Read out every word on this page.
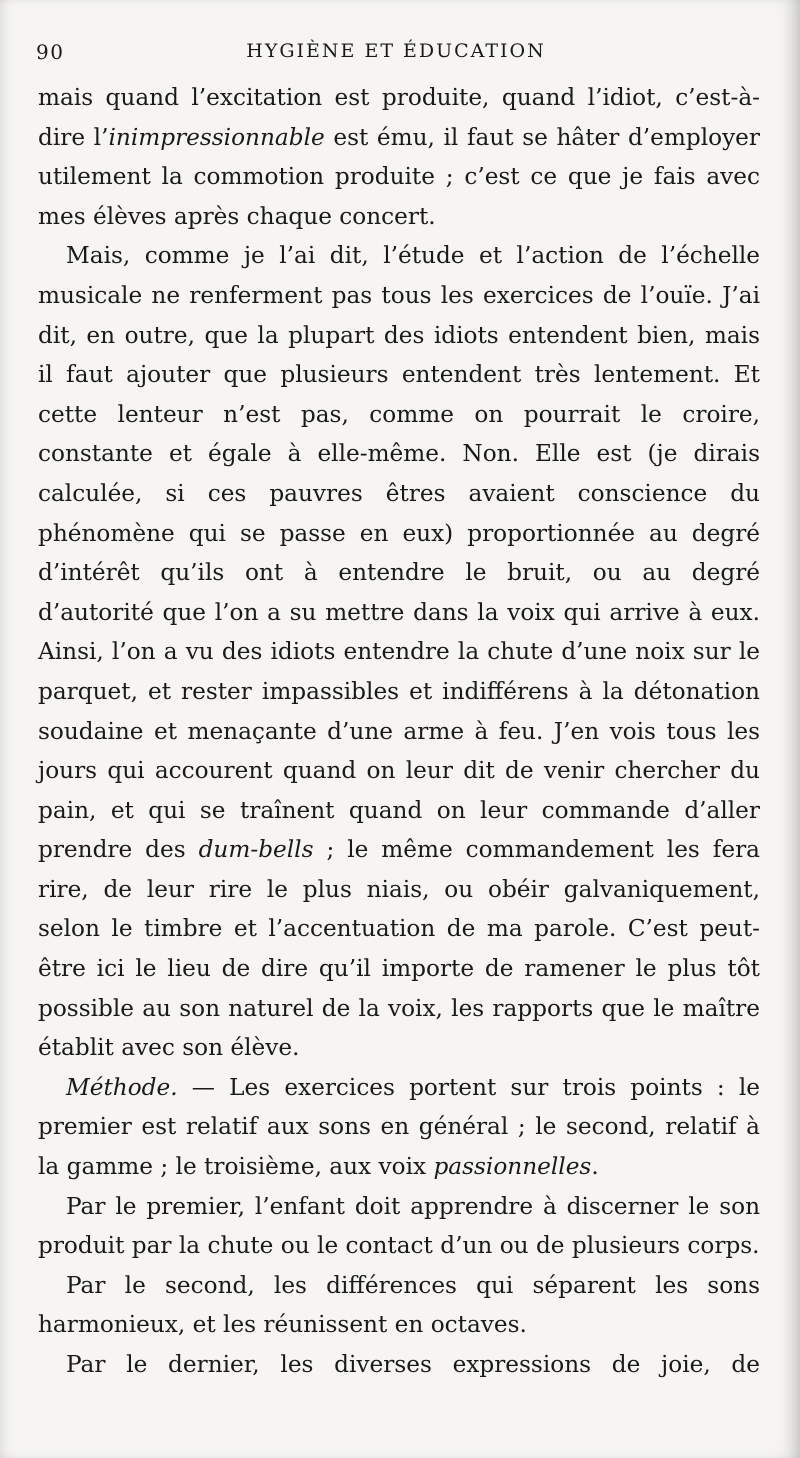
90	HYGIÈNE ET ÉDUCATION

mais quand l’excitation est produite, quand l’idiot, c’est-à-dire l’inimpressionnable est ému, il faut se hâter d’employer utilement la commotion produite ; c’est ce que je fais avec mes élèves après chaque concert.

Mais, comme je l’ai dit, l’étude et l’action de l’échelle musicale ne renferment pas tous les exercices de l’ouïe. J’ai dit, en outre, que la plupart des idiots entendent bien, mais il faut ajouter que plusieurs entendent très lentement. Et cette lenteur n’est pas, comme on pourrait le croire, constante et égale à elle-même. Non. Elle est (je dirais calculée, si ces pauvres êtres avaient conscience du phénomène qui se passe en eux) proportionnée au degré d’intérêt qu’ils ont à entendre le bruit, ou au degré d’autorité que l’on a su mettre dans la voix qui arrive à eux. Ainsi, l’on a vu des idiots entendre la chute d’une noix sur le parquet, et rester impassibles et indifférens à la détonation soudaine et menaçante d’une arme à feu. J’en vois tous les jours qui accourent quand on leur dit de venir chercher du pain, et qui se traînent quand on leur commande d’aller prendre des dum-bells ; le même commandement les fera rire, de leur rire le plus niais, ou obéir galvaniquement, selon le timbre et l’accentuation de ma parole. C’est peut-être ici le lieu de dire qu’il importe de ramener le plus tôt possible au son naturel de la voix, les rapports que le maître établit avec son élève.

Méthode. — Les exercices portent sur trois points : le premier est relatif aux sons en général ; le second, relatif à la gamme ; le troisième, aux voix passionnelles.

Par le premier, l’enfant doit apprendre à discerner le son produit par la chute ou le contact d’un ou de plusieurs corps.

Par le second, les différences qui séparent les sons harmonieux, et les réunissent en octaves.

Par le dernier, les diverses expressions de joie, de
